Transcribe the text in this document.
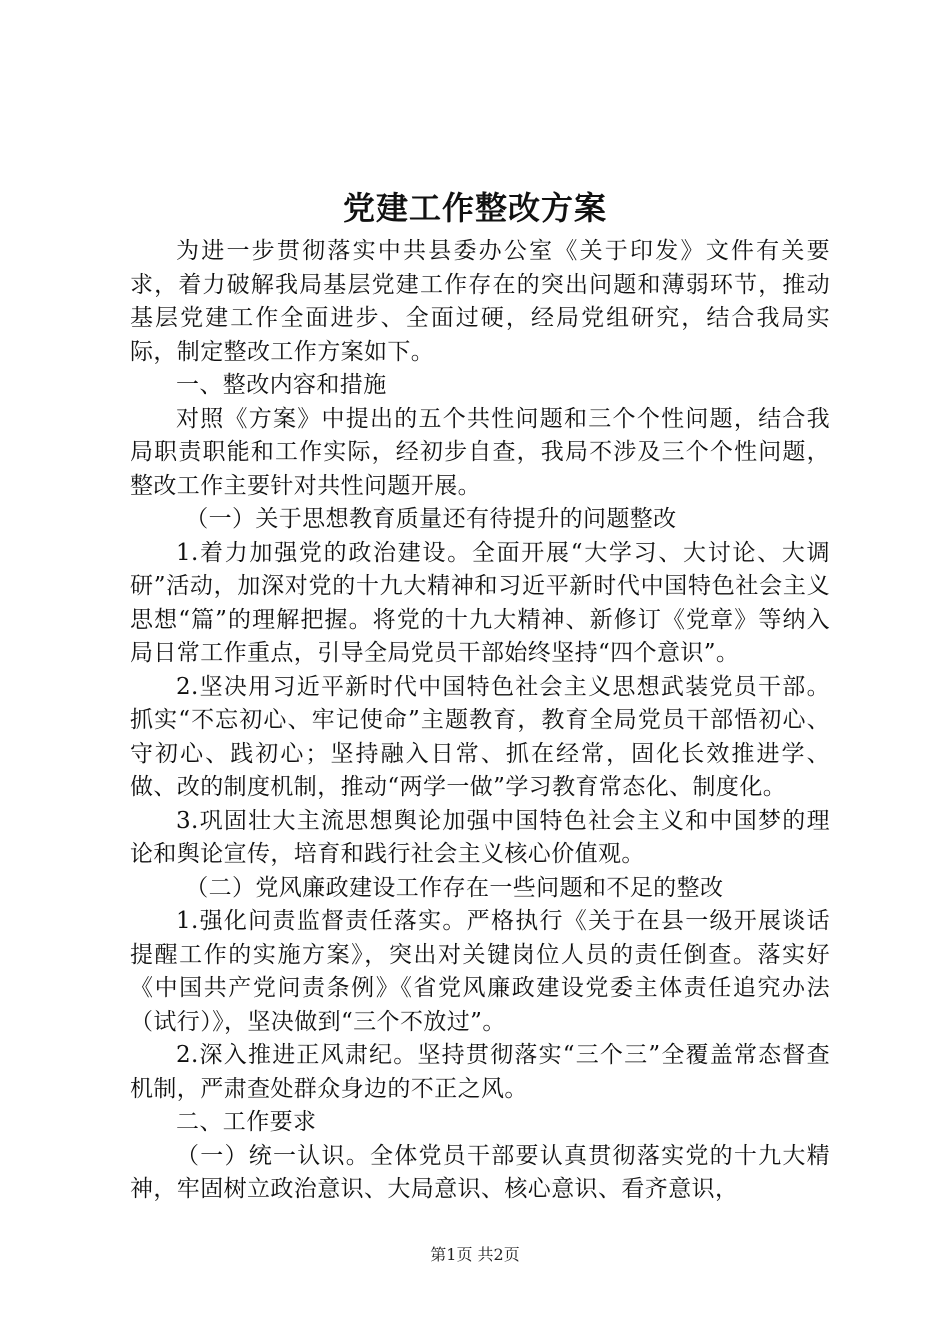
党建工作整改方案

为进一步贯彻落实中共县委办公室《关于印发》文件有关要求，着力破解我局基层党建工作存在的突出问题和薄弱环节，推动基层党建工作全面进步、全面过硬，经局党组研究，结合我局实际，制定整改工作方案如下。

一、整改内容和措施

对照《方案》中提出的五个共性问题和三个个性问题，结合我局职责职能和工作实际，经初步自查，我局不涉及三个个性问题，整改工作主要针对共性问题开展。

（一）关于思想教育质量还有待提升的问题整改

1.着力加强党的政治建设。全面开展“大学习、大讨论、大调研”活动，加深对党的十九大精神和习近平新时代中国特色社会主义思想“篇”的理解把握。将党的十九大精神、新修订《党章》等纳入局日常工作重点，引导全局党员干部始终坚持“四个意识”。

2.坚决用习近平新时代中国特色社会主义思想武装党员干部。抓实“不忘初心、牢记使命”主题教育，教育全局党员干部悟初心、守初心、践初心；坚持融入日常、抓在经常，固化长效推进学、做、改的制度机制，推动“两学一做”学习教育常态化、制度化。

3.巩固壮大主流思想舆论加强中国特色社会主义和中国梦的理论和舆论宣传，培育和践行社会主义核心价值观。

（二）党风廉政建设工作存在一些问题和不足的整改

1.强化问责监督责任落实。严格执行《关于在县一级开展谈话提醒工作的实施方案》，突出对关键岗位人员的责任倒查。落实好《中国共产党问责条例》《省党风廉政建设党委主体责任追究办法（试行）》，坚决做到“三个不放过”。

2.深入推进正风肃纪。坚持贯彻落实“三个三”全覆盖常态督查机制，严肃查处群众身边的不正之风。

二、工作要求

（一）统一认识。全体党员干部要认真贯彻落实党的十九大精神，牢固树立政治意识、大局意识、核心意识、看齐意识，

第1页 共2页
